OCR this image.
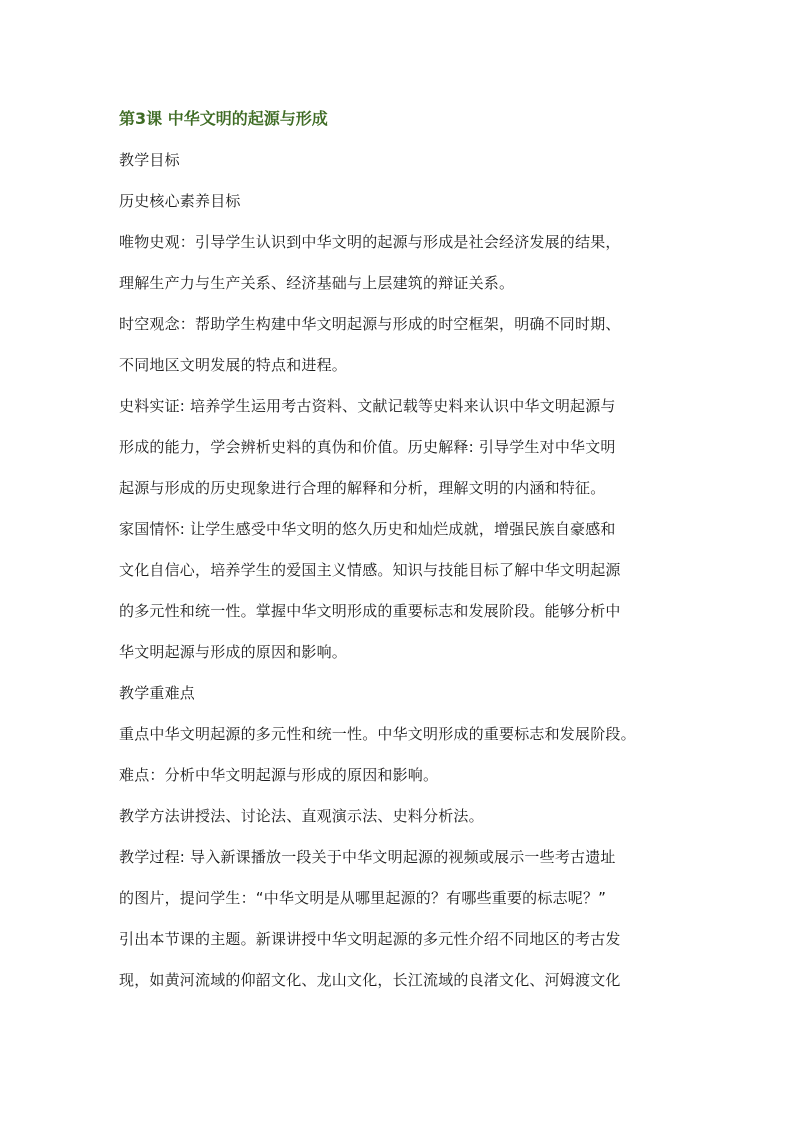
第3课 中华文明的起源与形成

教学目标

历史核心素养目标

唯物史观：引导学生认识到中华文明的起源与形成是社会经济发展的结果，
理解生产力与生产关系、经济基础与上层建筑的辩证关系。

时空观念：帮助学生构建中华文明起源与形成的时空框架，明确不同时期、
不同地区文明发展的特点和进程。

史料实证: 培养学生运用考古资料、文献记载等史料来认识中华文明起源与
形成的能力，学会辨析史料的真伪和价值。历史解释: 引导学生对中华文明
起源与形成的历史现象进行合理的解释和分析，理解文明的内涵和特征。

家国情怀: 让学生感受中华文明的悠久历史和灿烂成就，增强民族自豪感和
文化自信心，培养学生的爱国主义情感。知识与技能目标了解中华文明起源
的多元性和统一性。掌握中华文明形成的重要标志和发展阶段。能够分析中
华文明起源与形成的原因和影响。

教学重难点

重点中华文明起源的多元性和统一性。中华文明形成的重要标志和发展阶段。

难点：分析中华文明起源与形成的原因和影响。

教学方法讲授法、讨论法、直观演示法、史料分析法。

教学过程: 导入新课播放一段关于中华文明起源的视频或展示一些考古遗址
的图片，提问学生：“中华文明是从哪里起源的？有哪些重要的标志呢？”
引出本节课的主题。新课讲授中华文明起源的多元性介绍不同地区的考古发
现，如黄河流域的仰韶文化、龙山文化，长江流域的良渚文化、河姆渡文化
